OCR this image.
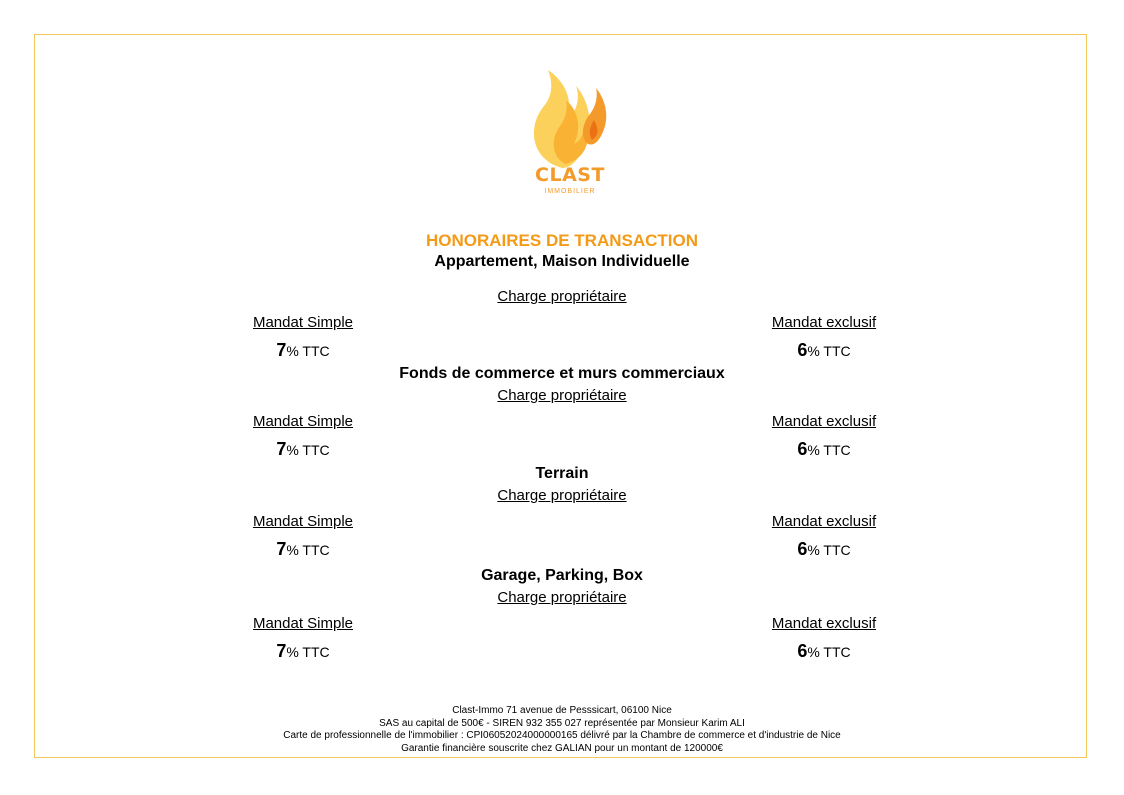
CLAST
IMMOBILIER
HONORAIRES DE TRANSACTION
Appartement, Maison Individuelle
Charge propriétaire
Mandat Simple	Mandat exclusif
7% TTC	6% TTC
Fonds de commerce et murs commerciaux
Charge propriétaire
Mandat Simple	Mandat exclusif
7% TTC	6% TTC
Terrain
Charge propriétaire
Mandat Simple	Mandat exclusif
7% TTC	6% TTC
Garage, Parking, Box
Charge propriétaire
Mandat Simple	Mandat exclusif
7% TTC	6% TTC
Clast-Immo 71 avenue de Pesssicart, 06100 Nice
SAS au capital de 500€ - SIREN 932 355 027 représentée par Monsieur Karim ALI
Carte de professionnelle de l'immobilier : CPI06052024000000165 délivré par la Chambre de commerce et d'industrie de Nice
Garantie financière souscrite chez GALIAN pour un montant de 120000€
